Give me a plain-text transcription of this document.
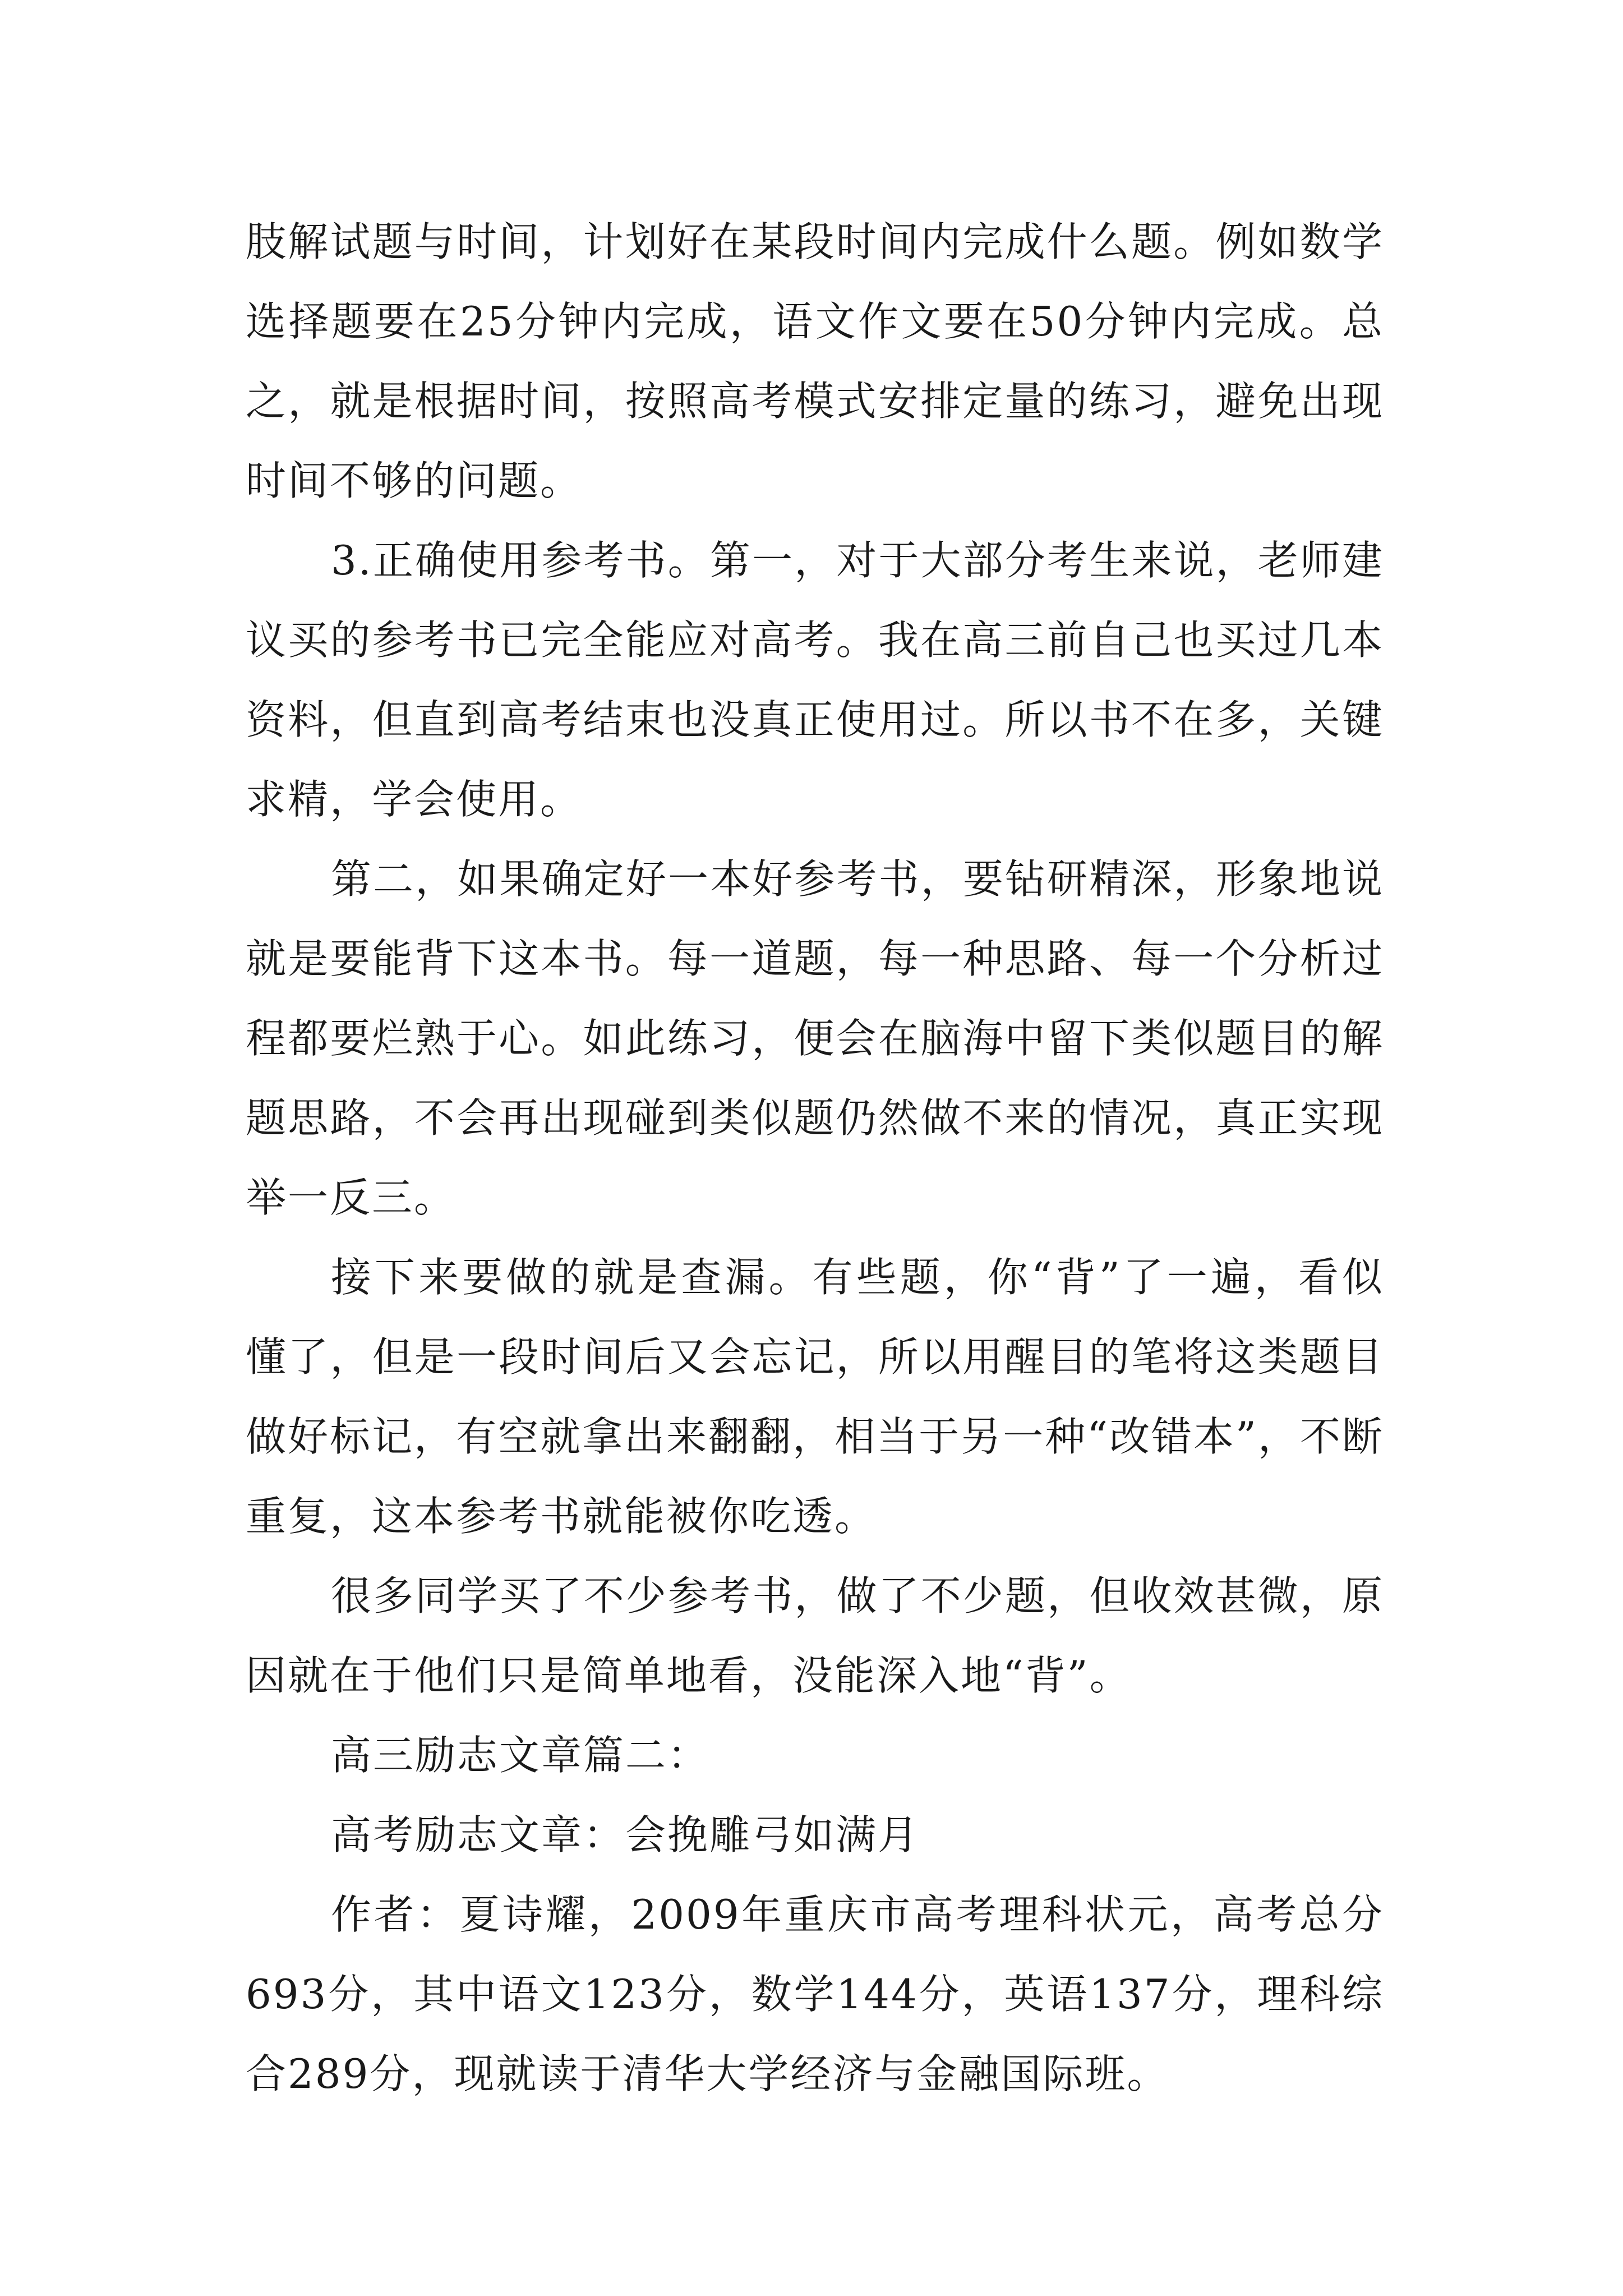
肢解试题与时间，计划好在某段时间内完成什么题。例如数学选择题要在25分钟内完成，语文作文要在50分钟内完成。总之，就是根据时间，按照高考模式安排定量的练习，避免出现时间不够的问题。

3.正确使用参考书。第一，对于大部分考生来说，老师建议买的参考书已完全能应对高考。我在高三前自己也买过几本资料，但直到高考结束也没真正使用过。所以书不在多，关键求精，学会使用。

第二，如果确定好一本好参考书，要钻研精深，形象地说就是要能背下这本书。每一道题，每一种思路、每一个分析过程都要烂熟于心。如此练习，便会在脑海中留下类似题目的解题思路，不会再出现碰到类似题仍然做不来的情况，真正实现举一反三。

接下来要做的就是查漏。有些题，你“背”了一遍，看似懂了，但是一段时间后又会忘记，所以用醒目的笔将这类题目做好标记，有空就拿出来翻翻，相当于另一种“改错本”，不断重复，这本参考书就能被你吃透。

很多同学买了不少参考书，做了不少题，但收效甚微，原因就在于他们只是简单地看，没能深入地“背”。

高三励志文章篇二：

高考励志文章：会挽雕弓如满月

作者：夏诗耀，2009年重庆市高考理科状元，高考总分693分，其中语文123分，数学144分，英语137分，理科综合289分，现就读于清华大学经济与金融国际班。
